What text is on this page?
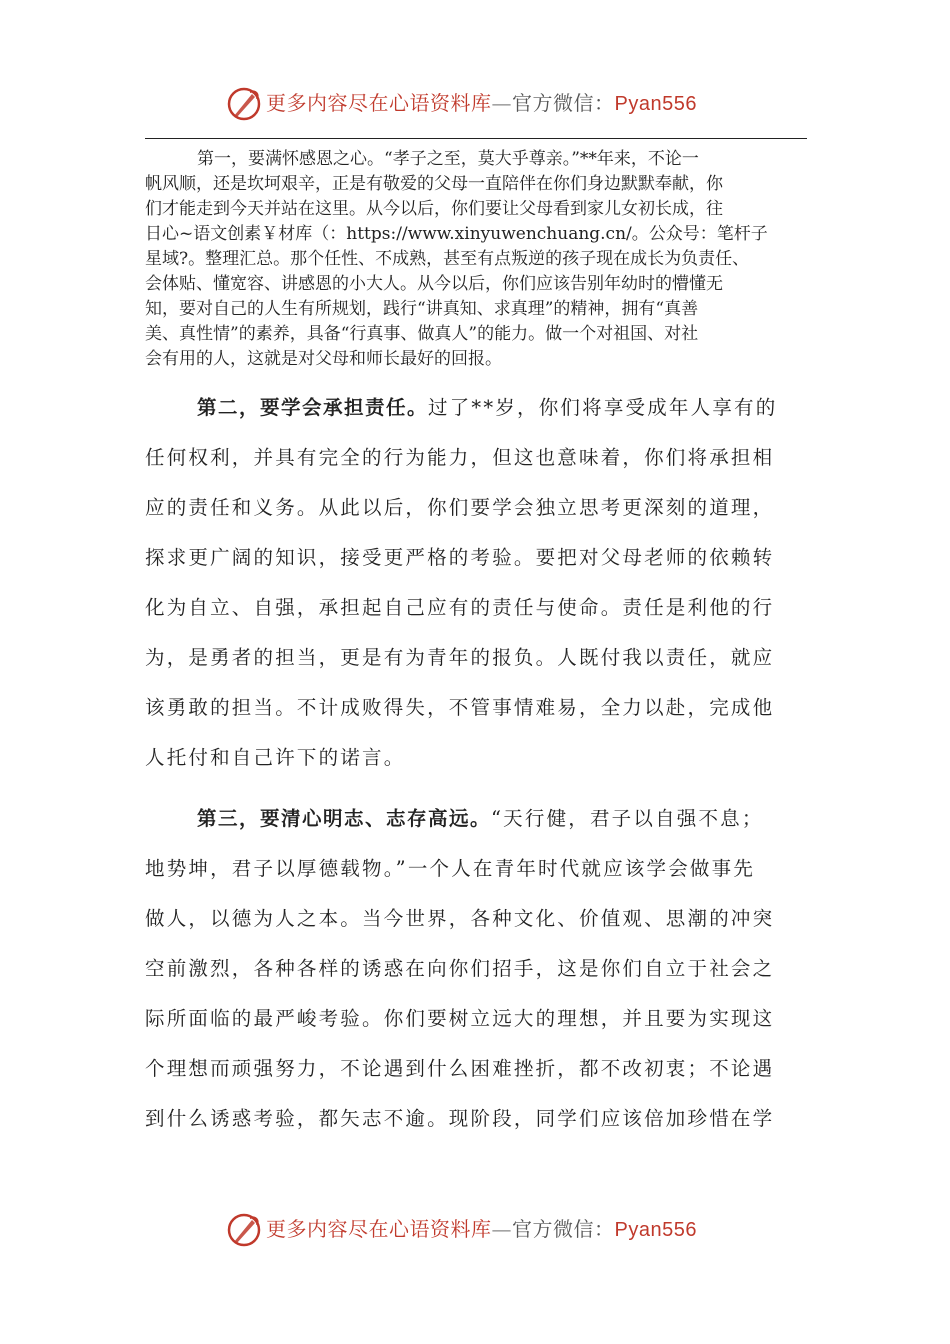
更多内容尽在心语资料库—官方微信：Pyan556
第一，要满怀感恩之心。“孝子之至，莫大乎尊亲。”**年来，不论一
帆风顺，还是坎坷艰辛，正是有敬爱的父母一直陪伴在你们身边默默奉献，你
们才能走到今天并站在这里。从今以后，你们要让父母看到家儿女初长成，往
日心~语文创素￥材库（：https://www.xinyuwenchuang.cn/。公众号：笔杆子
星域?。整理汇总。那个任性、不成熟，甚至有点叛逆的孩子现在成长为负责任、
会体贴、懂宽容、讲感恩的小大人。从今以后，你们应该告别年幼时的懵懂无
知，要对自己的人生有所规划，践行“讲真知、求真理”的精神，拥有“真善
美、真性情”的素养，具备“行真事、做真人”的能力。做一个对祖国、对社
会有用的人，这就是对父母和师长最好的回报。
第二，要学会承担责任。过了**岁，你们将享受成年人享有的
任何权利，并具有完全的行为能力，但这也意味着，你们将承担相
应的责任和义务。从此以后，你们要学会独立思考更深刻的道理，
探求更广阔的知识，接受更严格的考验。要把对父母老师的依赖转
化为自立、自强，承担起自己应有的责任与使命。责任是利他的行
为，是勇者的担当，更是有为青年的报负。人既付我以责任，就应
该勇敢的担当。不计成败得失，不管事情难易，全力以赴，完成他
人托付和自己许下的诺言。
第三，要清心明志、志存高远。“天行健，君子以自强不息；
地势坤，君子以厚德载物。”一个人在青年时代就应该学会做事先
做人，以德为人之本。当今世界，各种文化、价值观、思潮的冲突
空前激烈，各种各样的诱惑在向你们招手，这是你们自立于社会之
际所面临的最严峻考验。你们要树立远大的理想，并且要为实现这
个理想而顽强努力，不论遇到什么困难挫折，都不改初衷；不论遇
到什么诱惑考验，都矢志不逾。现阶段，同学们应该倍加珍惜在学
更多内容尽在心语资料库—官方微信：Pyan556
